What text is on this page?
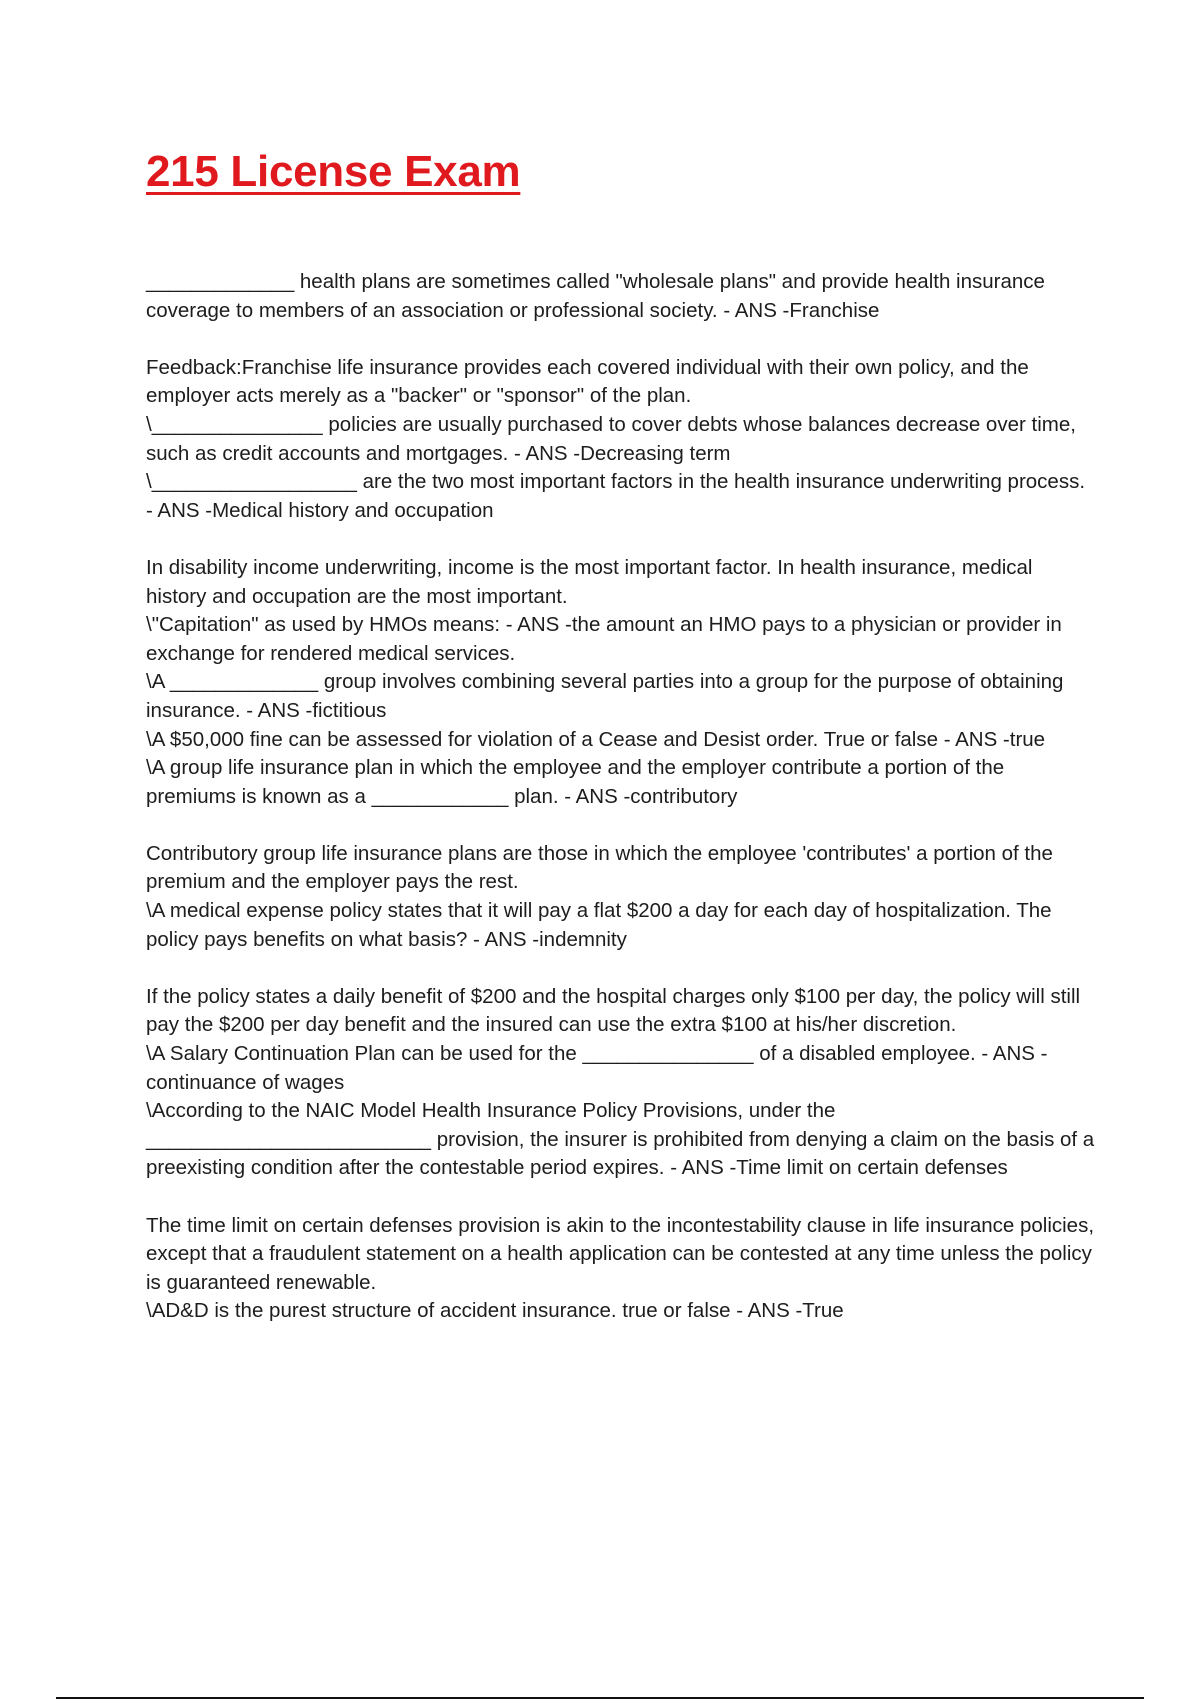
215 License Exam

_____________ health plans are sometimes called "wholesale plans" and provide health insurance coverage to members of an association or professional society. - ANS -Franchise

Feedback:Franchise life insurance provides each covered individual with their own policy, and the employer acts merely as a "backer" or "sponsor" of the plan.

\_______________ policies are usually purchased to cover debts whose balances decrease over time, such as credit accounts and mortgages. - ANS -Decreasing term

\__________________ are the two most important factors in the health insurance underwriting process. - ANS -Medical history and occupation

In disability income underwriting, income is the most important factor. In health insurance, medical history and occupation are the most important.

\"Capitation" as used by HMOs means: - ANS -the amount an HMO pays to a physician or provider in exchange for rendered medical services.

\A _____________ group involves combining several parties into a group for the purpose of obtaining insurance. - ANS -fictitious

\A $50,000 fine can be assessed for violation of a Cease and Desist order. True or false - ANS -true

\A group life insurance plan in which the employee and the employer contribute a portion of the premiums is known as a ____________ plan. - ANS -contributory

Contributory group life insurance plans are those in which the employee 'contributes' a portion of the premium and the employer pays the rest.

\A medical expense policy states that it will pay a flat $200 a day for each day of hospitalization. The policy pays benefits on what basis? - ANS -indemnity

If the policy states a daily benefit of $200 and the hospital charges only $100 per day, the policy will still pay the $200 per day benefit and the insured can use the extra $100 at his/her discretion.

\A Salary Continuation Plan can be used for the _______________ of a disabled employee. - ANS -continuance of wages

\According to the NAIC Model Health Insurance Policy Provisions, under the _________________________ provision, the insurer is prohibited from denying a claim on the basis of a preexisting condition after the contestable period expires. - ANS -Time limit on certain defenses

The time limit on certain defenses provision is akin to the incontestability clause in life insurance policies, except that a fraudulent statement on a health application can be contested at any time unless the policy is guaranteed renewable.

\AD&D is the purest structure of accident insurance. true or false - ANS -True
